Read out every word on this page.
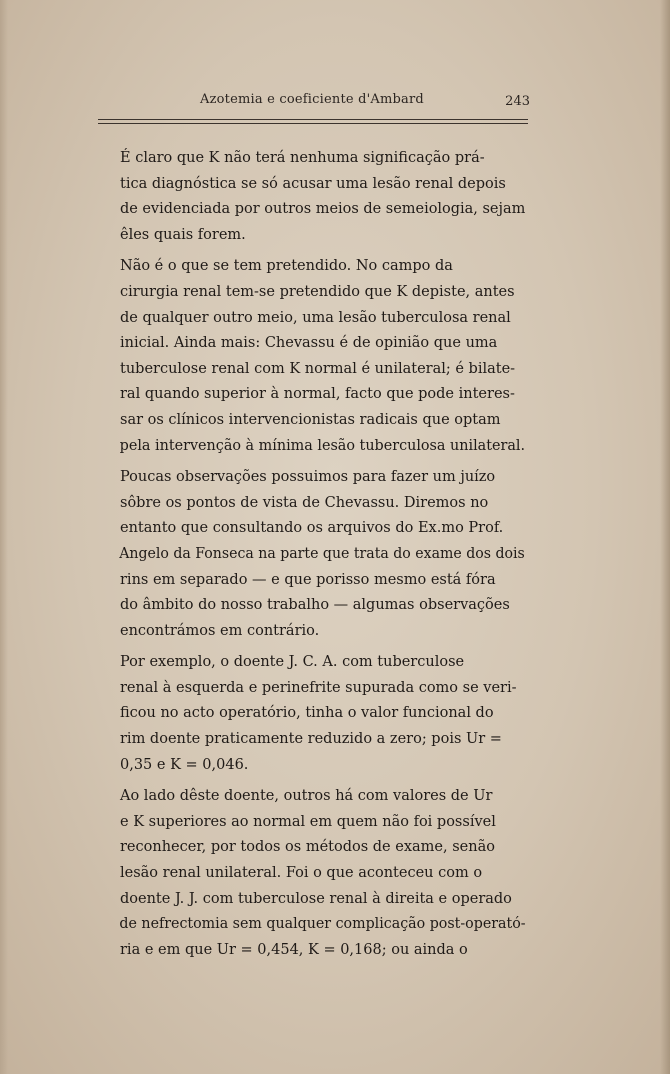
Azotemia e coeficiente d'Ambard	243

É claro que K não terá nenhuma significação prá-
tica diagnóstica se só acusar uma lesão renal depois
de evidenciada por outros meios de semeiologia, sejam
êles quais forem.

Não é o que se tem pretendido. No campo da
cirurgia renal tem-se pretendido que K depiste, antes
de qualquer outro meio, uma lesão tuberculosa renal
inicial. Ainda mais: Chevassu é de opinião que uma
tuberculose renal com K normal é unilateral; é bilate-
ral quando superior à normal, facto que pode interes-
sar os clínicos intervencionistas radicais que optam
pela intervenção à mínima lesão tuberculosa unilateral.

Poucas observações possuimos para fazer um juízo
sôbre os pontos de vista de Chevassu. Diremos no
entanto que consultando os arquivos do Ex.mo Prof.
Angelo da Fonseca na parte que trata do exame dos dois
rins em separado — e que porisso mesmo está fóra
do âmbito do nosso trabalho — algumas observações
encontrámos em contrário.

Por exemplo, o doente J. C. A. com tuberculose
renal à esquerda e perinefrite supurada como se veri-
ficou no acto operatório, tinha o valor funcional do
rim doente praticamente reduzido a zero; pois Ur =
0,35 e K = 0,046.

Ao lado dêste doente, outros há com valores de Ur
e K superiores ao normal em quem não foi possível
reconhecer, por todos os métodos de exame, senão
lesão renal unilateral. Foi o que aconteceu com o
doente J. J. com tuberculose renal à direita e operado
de nefrectomia sem qualquer complicação post-operató-
ria e em que Ur = 0,454, K = 0,168; ou ainda o
